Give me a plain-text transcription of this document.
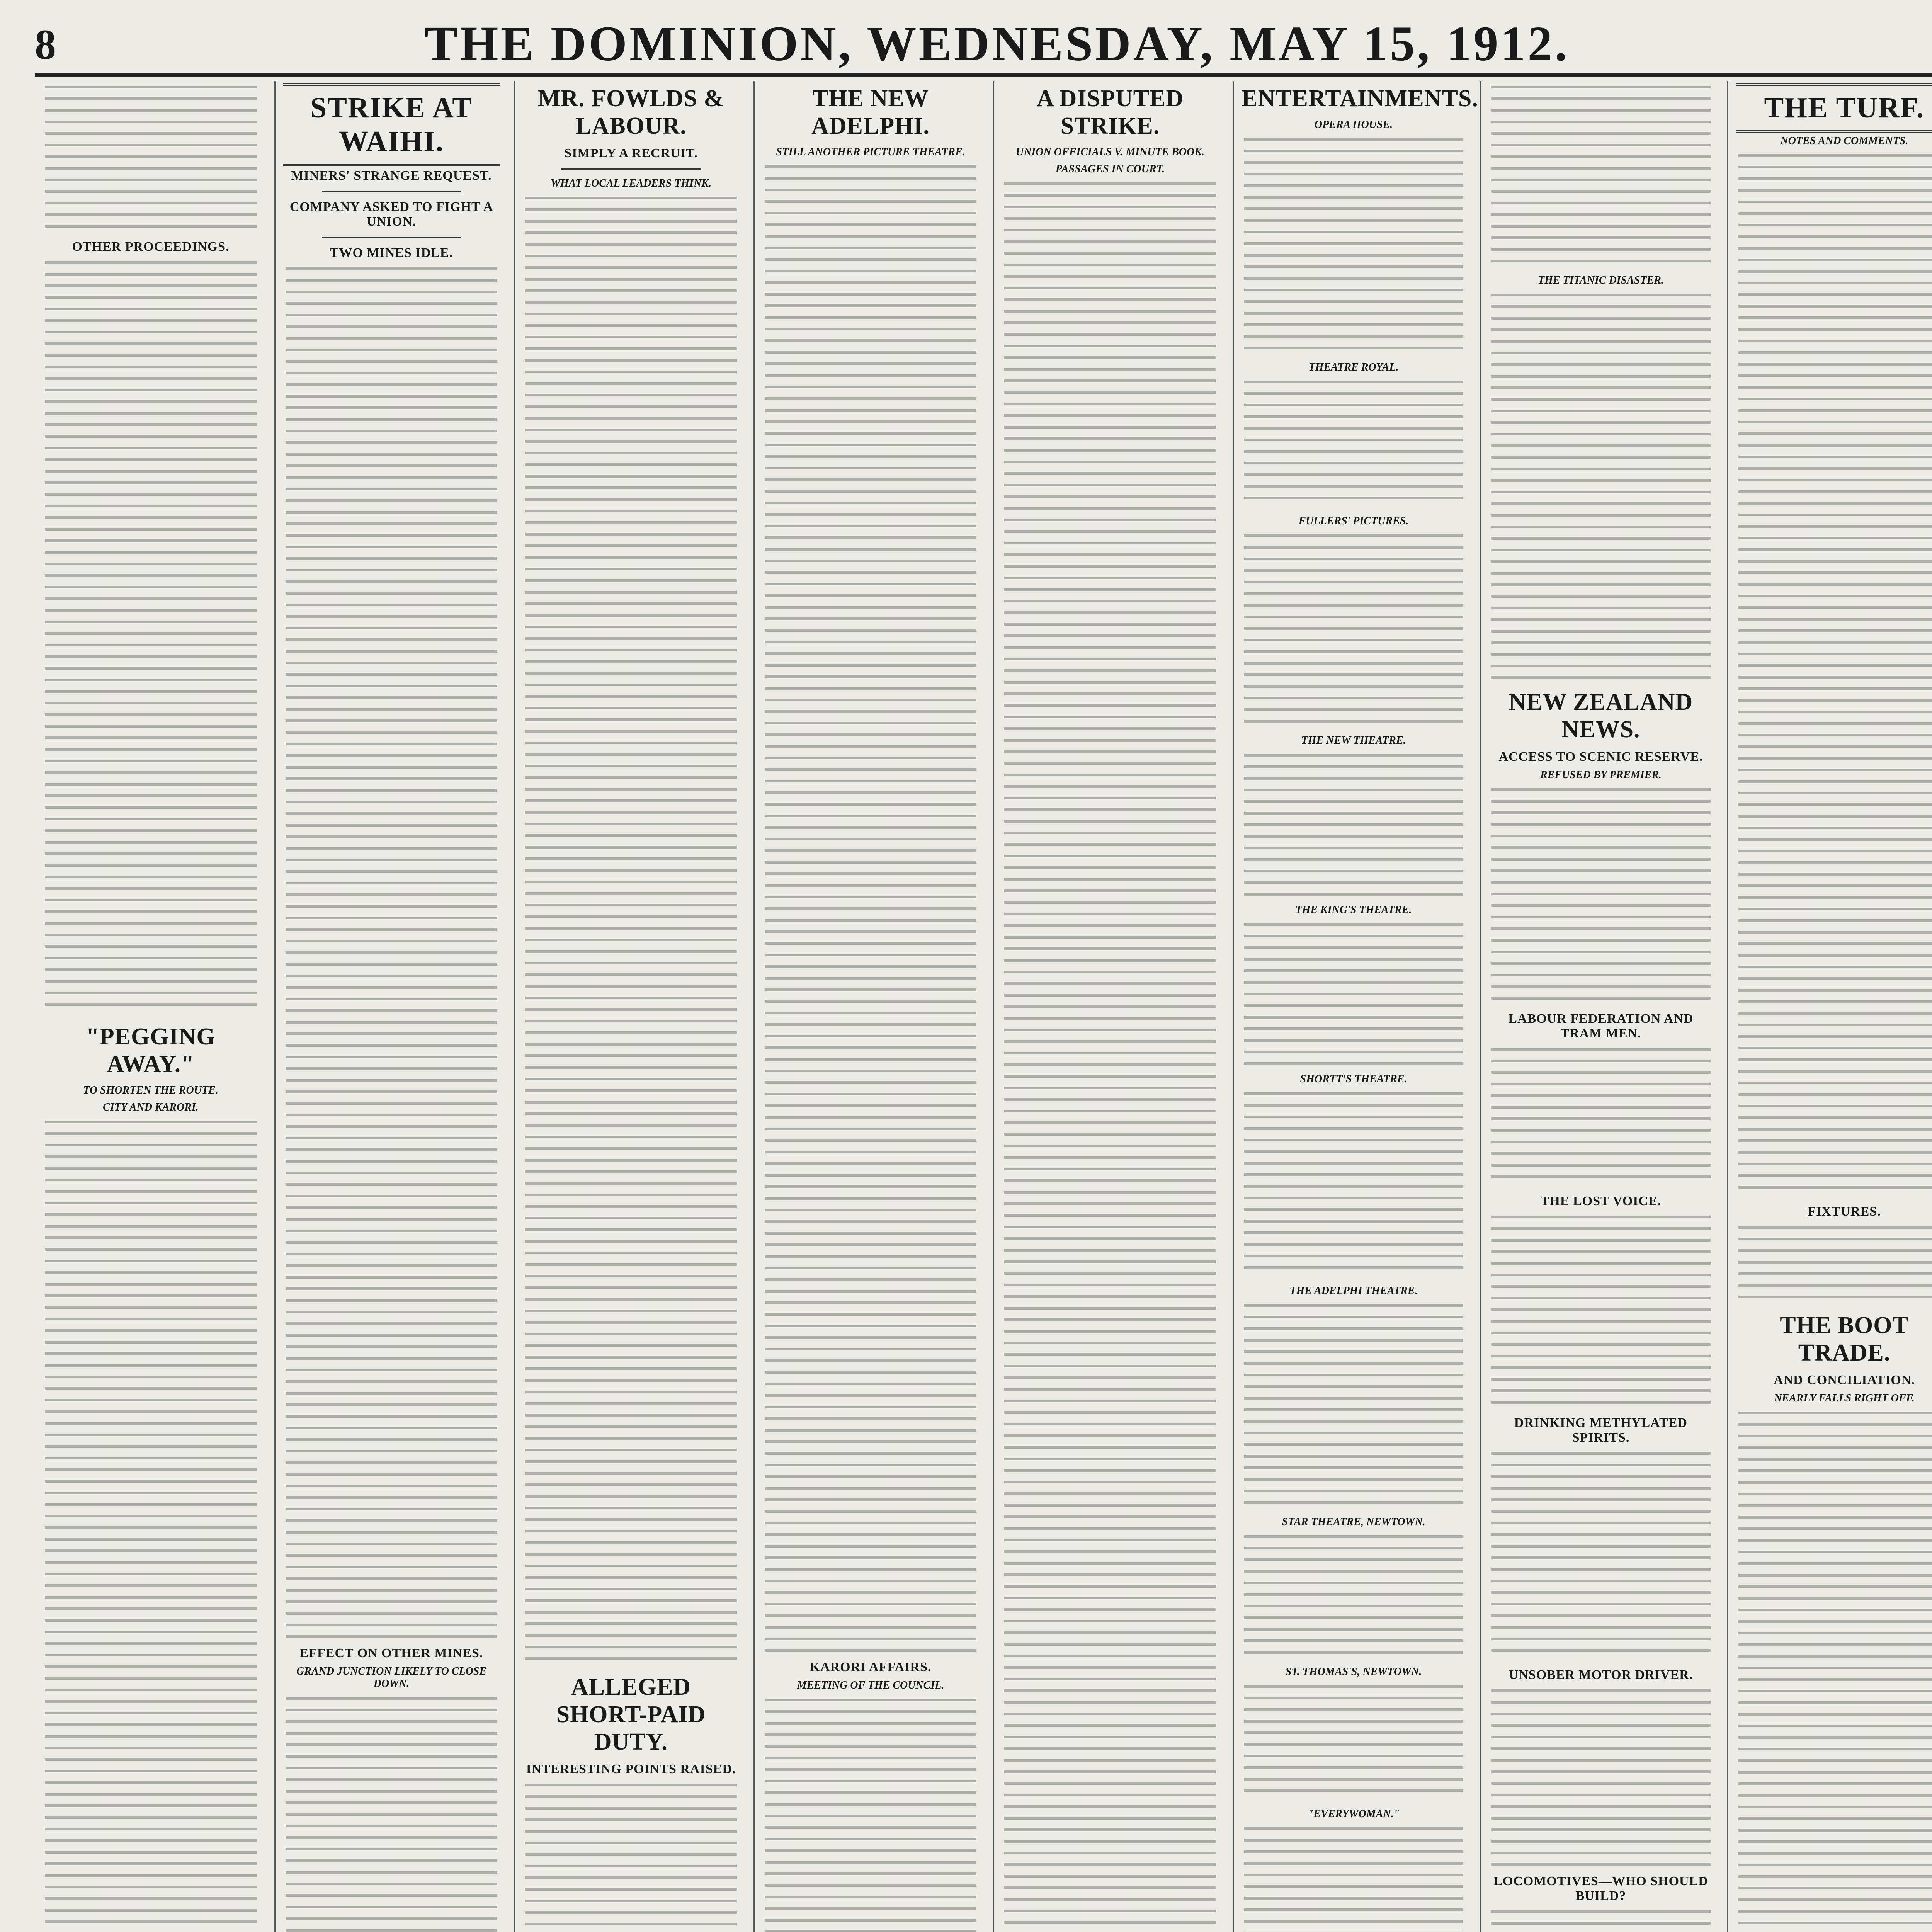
8	THE DOMINION, WEDNESDAY, MAY 15, 1912.
OTHER PROCEEDINGS.
"PEGGING AWAY."
TO SHORTEN THE ROUTE.
CITY AND KARORI.
STRIKE AT WAIHI.
MINERS' STRANGE REQUEST.
COMPANY ASKED TO FIGHT A UNION.
TWO MINES IDLE.
EFFECT ON OTHER MINES.
GRAND JUNCTION LIKELY TO CLOSE DOWN.
MR. FOWLDS & LABOUR.
SIMPLY A RECRUIT.
WHAT LOCAL LEADERS THINK.
ALLEGED SHORT-PAID DUTY.
INTERESTING POINTS RAISED.
THE NEW ADELPHI.
STILL ANOTHER PICTURE THEATRE.
KARORI AFFAIRS.
MEETING OF THE COUNCIL.
A DISPUTED STRIKE.
UNION OFFICIALS V. MINUTE BOOK.
PASSAGES IN COURT.
ENTERTAINMENTS.
OPERA HOUSE.
THEATRE ROYAL.
FULLERS' PICTURES.
THE NEW THEATRE.
THE KING'S THEATRE.
SHORTT'S THEATRE.
THE ADELPHI THEATRE.
STAR THEATRE, NEWTOWN.
ST. THOMAS'S, NEWTOWN.
"EVERYWOMAN."
THE TITANIC DISASTER.
NEW ZEALAND NEWS.
ACCESS TO SCENIC RESERVE.
REFUSED BY PREMIER.
LABOUR FEDERATION AND TRAM MEN.
THE LOST VOICE.
DRINKING METHYLATED SPIRITS.
UNSOBER MOTOR DRIVER.
LOCOMOTIVES—WHO SHOULD BUILD?
THE TURF.
NOTES AND COMMENTS.
FIXTURES.
THE BOOT TRADE.
AND CONCILIATION.
NEARLY FALLS RIGHT OFF.
